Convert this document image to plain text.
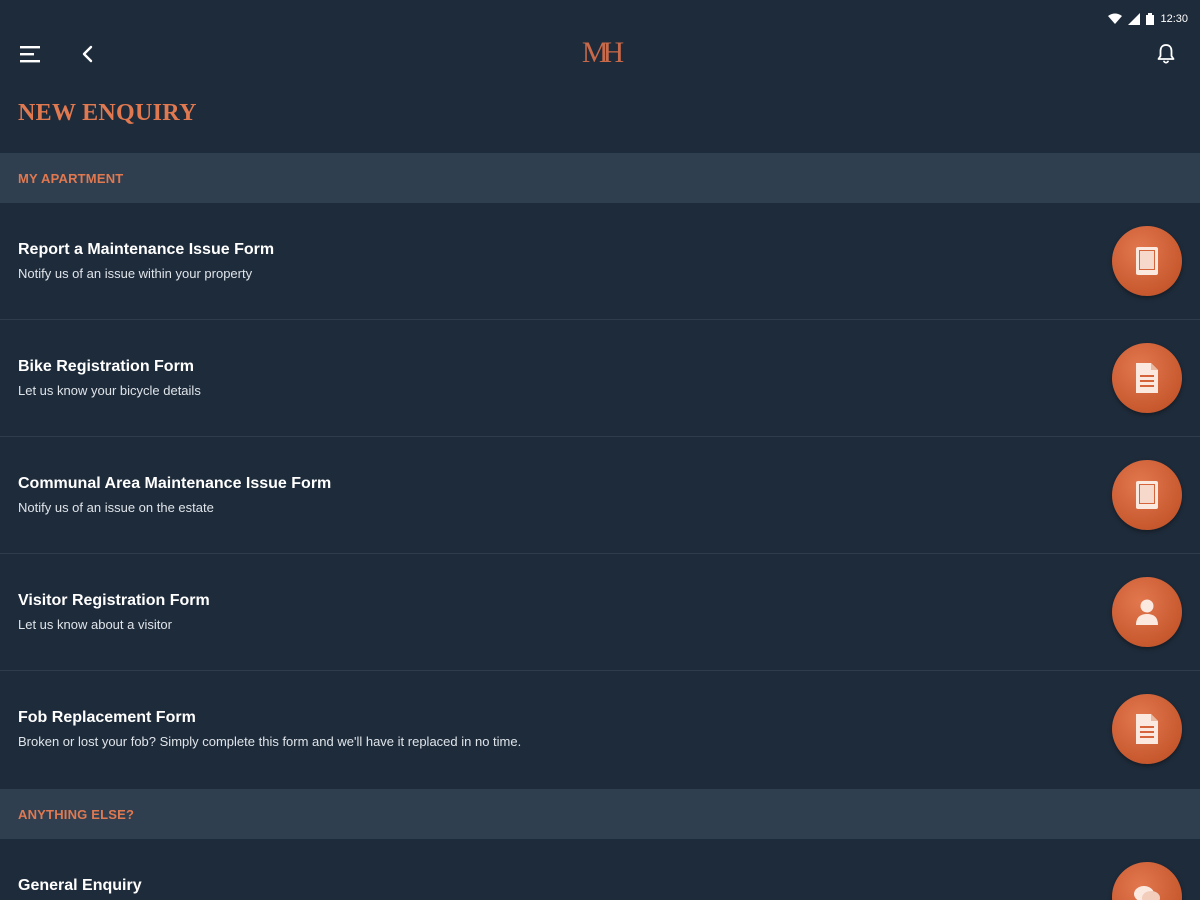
12:30
MH
NEW ENQUIRY
MY APARTMENT
Report a Maintenance Issue Form
Notify us of an issue within your property
Bike Registration Form
Let us know your bicycle details
Communal Area Maintenance Issue Form
Notify us of an issue on the estate
Visitor Registration Form
Let us know about a visitor
Fob Replacement Form
Broken or lost your fob? Simply complete this form and we'll have it replaced in no time.
ANYTHING ELSE?
General Enquiry
